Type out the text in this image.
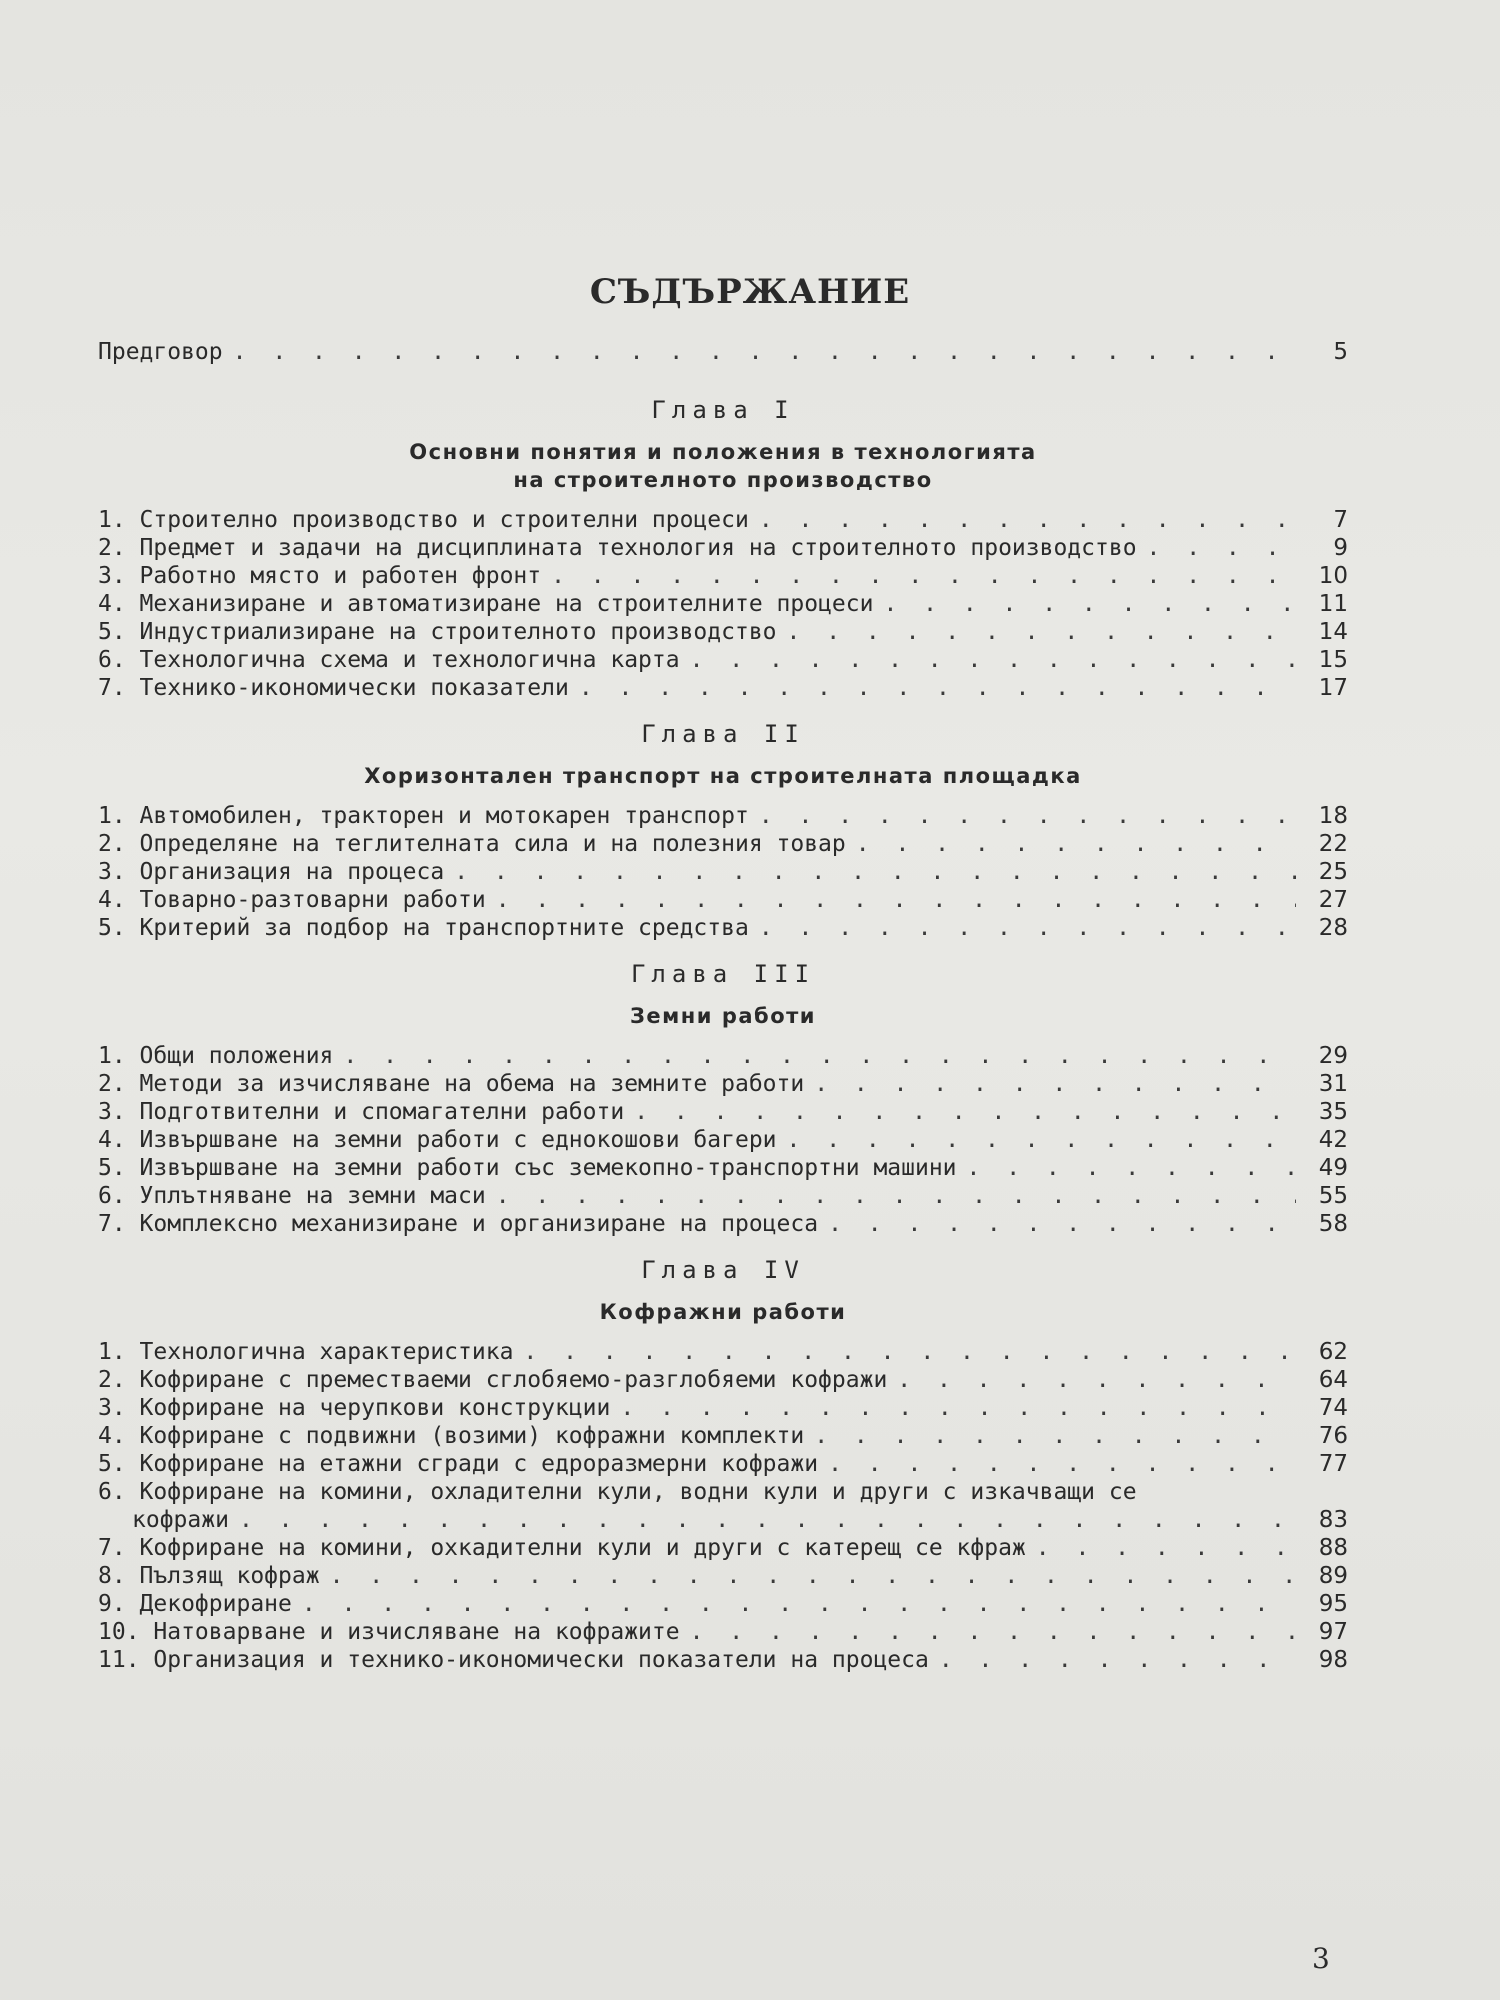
СЪДЪРЖАНИЕ
Предговор . . .	5
Глава I
Основни понятия и положения в технологията
на строителното производство
1. Строително производство и строителни процеси . . .	7
2. Предмет и задачи на дисциплината технология на строителното производство . . .	9
3. Работно място и работен фронт . . .	10
4. Механизиране и автоматизиране на строителните процеси . . .	11
5. Индустриализиране на строителното производство . . .	14
6. Технологична схема и технологична карта . . .	15
7. Технико-икономически показатели . . .	17
Глава II
Хоризонтален транспорт на строителната площадка
1. Автомобилен, тракторен и мотокарен транспорт . . .	18
2. Определяне на теглителната сила и на полезния товар . . .	22
3. Организация на процеса . . .	25
4. Товарно-разтоварни работи . . .	27
5. Критерий за подбор на транспортните средства . . .	28
Глава III
Земни работи
1. Общи положения . . .	29
2. Методи за изчисляване на обема на земните работи . . .	31
3. Подготвителни и спомагателни работи . . .	35
4. Извършване на земни работи с еднокошови багери . . .	42
5. Извършване на земни работи със земекопно-транспортни машини . . .	49
6. Уплътняване на земни маси . . .	55
7. Комплексно механизиране и организиране на процеса . . .	58
Глава IV
Кофражни работи
1. Технологична характеристика . . .	62
2. Кофриране с преместваеми сглобяемо-разглобяеми кофражи . . .	64
3. Кофриране на черупкови конструкции . . .	74
4. Кофриране с подвижни (возими) кофражни комплекти . . .	76
5. Кофриране на етажни сгради с едроразмерни кофражи . . .	77
6. Кофриране на комини, охладителни кули, водни кули и други с изкачващи се
кофражи . . .	83
7. Кофриране на комини, охкадителни кули и други с катерещ се кфраж . . .	88
8. Пълзящ кофраж . . .	89
9. Декофриране . . .	95
10. Натоварване и изчисляване на кофражите . . .	97
11. Организация и технико-икономически показатели на процеса . . .	98
3
